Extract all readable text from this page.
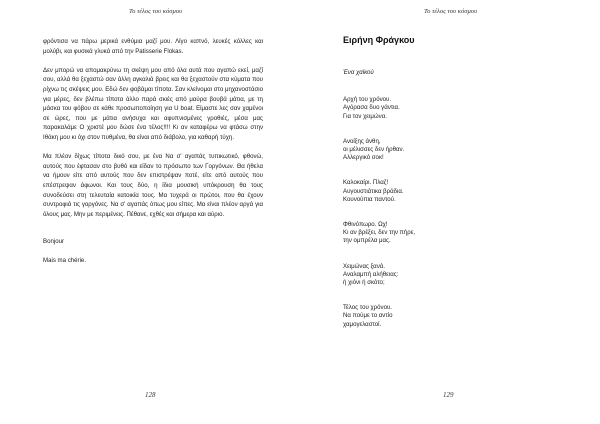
Το τέλος του κόσμου

φρόντισα να πάρω μερικά ενθύμια μαζί μου. Λίγο καπνό, λευκές κόλλες και μολύβι, και φυσικά γλυκά από την Patisserie Flokas.

Δεν μπορώ να απομακρύνω τη σκέψη μου από όλα αυτά που αγαπώ εκεί, μαζί σου, αλλά θα ξεχαστώ σαν άλλη αγκαλιά βρεις και θα ξεχαστούν στα κύματα που ρίχνω τις σκέψεις μου. Εδώ δεν φοβάμαι τίποτα. Σαν κλείνομαι στο μηχανοστάσιο για μέρες, δεν βλέπω τίποτα άλλο παρά σκιές από μαύρα βουβά μάτια, με τη μάσκα του φόβου σε κάθε προσωποποίηση για U boat. Είμαστε λες σαν χαμένοι σε ώρες, που με μάτια ανήσυχα και αφυπνισμένες γροθιές, μέσα μας παρακαλάμε Ο χριστέ μου δώσε ένα τέλος!!!! Κι αν καταφέρω να φτάσω στην Ιθάκη μου κι όχι στον πυθμένα, θα είναι από διάβολο, για καθαρή τύχη.

Μα πλέον δίχως τίποτα δικό σου, με ένα Να σ' αγαπάς τυπικωτικό, φθονώ, αυτούς που έφτασαν στο βυθό και είδαν το πρόσωπο των Γοργόνων. Θα ήθελα να ήμουν είτε από αυτούς που δεν επιστρέψαν ποτέ, είτε από αυτούς που επέστρεψαν άφωνοι. Και τους δύο, η ίδια μουσική υπόκρουση θα τους συνοδεύσει στη τελευταία κατοικία τους. Μα τυχερά οι πρώτοι, που θα έχουν συντροφιά τις γοργόνες. Να σ' αγαπάς όπως μου είπες. Μα είναι πλέον αργά για όλους μας. Μην με περιμένεις. Πέθανε, εχθές και σήμερα και αύριο.

Bonjour

Mais ma chérie.

128
Το τέλος του κόσμου
Ειρήνη Φράγκου
Ένα χαϊκού
Αρχή του χρόνου.
Αγόρασα δυο γάντια.
Για τον χειμώνα.
Ανοίξης άνθη,
οι μέλισσες δεν ήρθαν.
Αλλεργικό σοκ!
Καλοκαίρι. Πλαζ!
Αυγουστιάτικα βράδια.
Κουνούπια παντού.
Φθινόπωρο. Ωχ!
Κι αν βρέξει, δεν την πήρε,
την ομπρέλα μας.
Χειμώνας ξανά.
Αναλαμπή αλήθειας:
ή χιόνι ή σκότο;
Τέλος του χρόνου.
Να πούμε το αντίο
χαμογελαστοί.
129
